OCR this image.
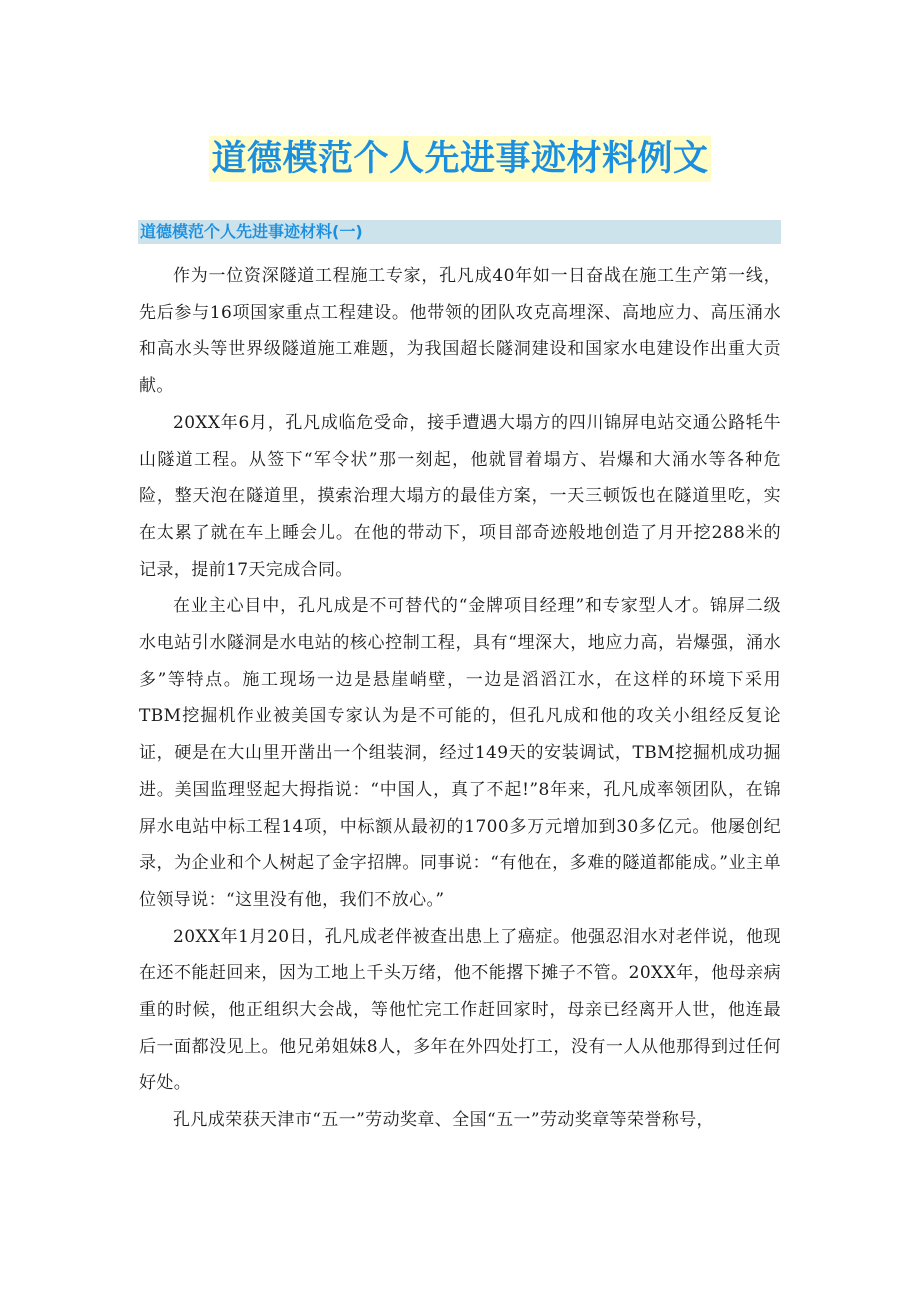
道德模范个人先进事迹材料例文
道德模范个人先进事迹材料(一)

作为一位资深隧道工程施工专家，孔凡成40年如一日奋战在施工生产第一线，先后参与16项国家重点工程建设。他带领的团队攻克高埋深、高地应力、高压涌水和高水头等世界级隧道施工难题，为我国超长隧洞建设和国家水电建设作出重大贡献。

20XX年6月，孔凡成临危受命，接手遭遇大塌方的四川锦屏电站交通公路牦牛山隧道工程。从签下“军令状”那一刻起，他就冒着塌方、岩爆和大涌水等各种危险，整天泡在隧道里，摸索治理大塌方的最佳方案，一天三顿饭也在隧道里吃，实在太累了就在车上睡会儿。在他的带动下，项目部奇迹般地创造了月开挖288米的记录，提前17天完成合同。

在业主心目中，孔凡成是不可替代的“金牌项目经理”和专家型人才。锦屏二级水电站引水隧洞是水电站的核心控制工程，具有“埋深大，地应力高，岩爆强，涌水多”等特点。施工现场一边是悬崖峭壁，一边是滔滔江水，在这样的环境下采用TBM挖掘机作业被美国专家认为是不可能的，但孔凡成和他的攻关小组经反复论证，硬是在大山里开凿出一个组装洞，经过149天的安装调试，TBM挖掘机成功掘进。美国监理竖起大拇指说：“中国人，真了不起!”8年来，孔凡成率领团队，在锦屏水电站中标工程14项，中标额从最初的1700多万元增加到30多亿元。他屡创纪录，为企业和个人树起了金字招牌。同事说：“有他在，多难的隧道都能成。”业主单位领导说：“这里没有他，我们不放心。”

20XX年1月20日，孔凡成老伴被查出患上了癌症。他强忍泪水对老伴说，他现在还不能赶回来，因为工地上千头万绪，他不能撂下摊子不管。20XX年，他母亲病重的时候，他正组织大会战，等他忙完工作赶回家时，母亲已经离开人世，他连最后一面都没见上。他兄弟姐妹8人，多年在外四处打工，没有一人从他那得到过任何好处。

孔凡成荣获天津市“五一”劳动奖章、全国“五一”劳动奖章等荣誉称号，
